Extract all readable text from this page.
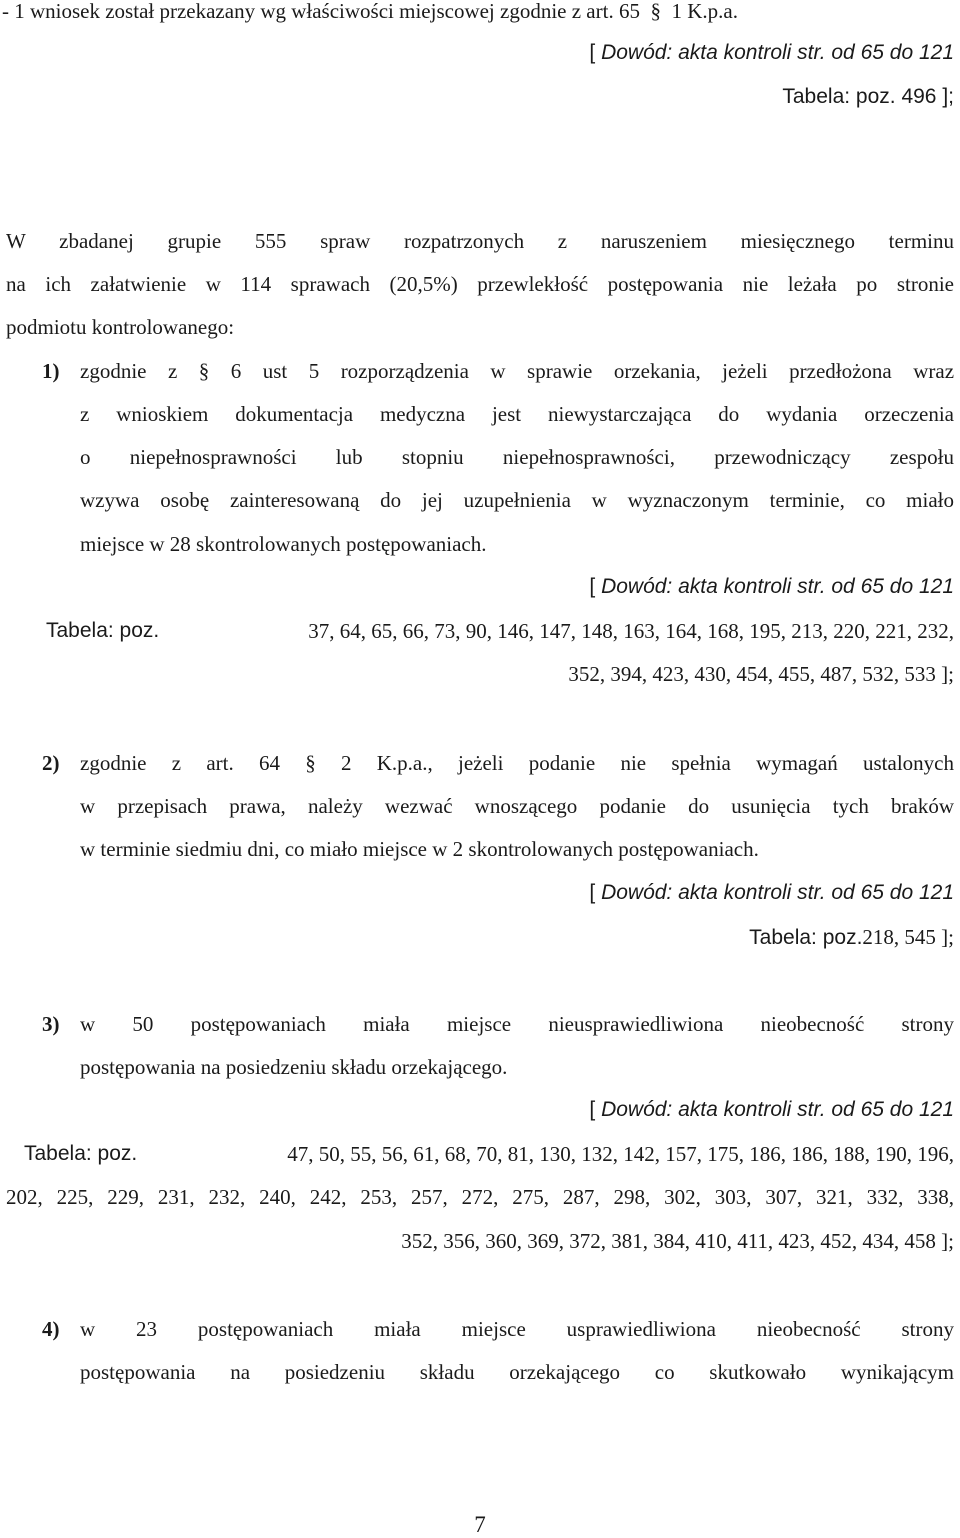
- 1 wniosek został przekazany wg właściwości miejscowej zgodnie z art. 65  §  1 K.p.a.
[ Dowód: akta kontroli str. od 65 do 121
Tabela: poz. 496 ];
W zbadanej grupie 555 spraw rozpatrzonych z naruszeniem miesięcznego terminu
na ich załatwienie w 114 sprawach (20,5%) przewlekłość postępowania nie leżała po stronie
podmiotu kontrolowanego:
1) zgodnie z § 6 ust 5 rozporządzenia w sprawie orzekania, jeżeli przedłożona wraz
z wnioskiem dokumentacja medyczna jest niewystarczająca do wydania orzeczenia
o niepełnosprawności lub stopniu niepełnosprawności, przewodniczący zespołu
wzywa osobę zainteresowaną do jej uzupełnienia w wyznaczonym terminie, co miało
miejsce w 28 skontrolowanych postępowaniach.
[ Dowód: akta kontroli str. od 65 do 121
Tabela: poz.	37, 64, 65, 66, 73, 90, 146, 147, 148, 163, 164, 168, 195, 213, 220, 221, 232,
352, 394, 423, 430, 454, 455, 487, 532, 533 ];
2) zgodnie z art. 64 § 2 K.p.a., jeżeli podanie nie spełnia wymagań ustalonych
w przepisach prawa, należy wezwać wnoszącego podanie do usunięcia tych braków
w terminie siedmiu dni, co miało miejsce w 2 skontrolowanych postępowaniach.
[ Dowód: akta kontroli str. od 65 do 121
Tabela: poz.218, 545 ];
3) w 50 postępowaniach miała miejsce nieusprawiedliwiona nieobecność strony
postępowania na posiedzeniu składu orzekającego.
[ Dowód: akta kontroli str. od 65 do 121
Tabela: poz.	47, 50, 55, 56, 61, 68, 70, 81, 130, 132, 142, 157, 175, 186, 186, 188, 190, 196,
202, 225, 229, 231, 232, 240, 242, 253, 257, 272, 275, 287, 298, 302, 303, 307, 321, 332, 338,
352, 356, 360, 369, 372, 381, 384, 410, 411, 423, 452, 434, 458 ];
4) w 23 postępowaniach miała miejsce usprawiedliwiona nieobecność strony
postępowania na posiedzeniu składu orzekającego co skutkowało wynikającym
7
